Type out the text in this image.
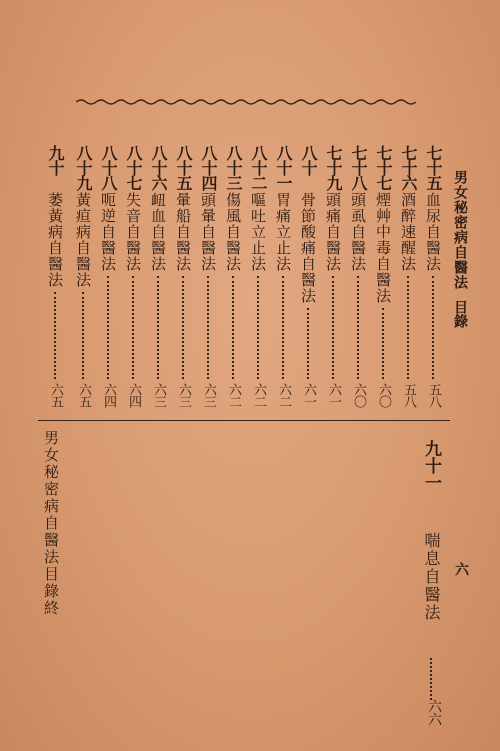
男女秘密病自醫法
目錄
六
七十五
血尿自醫法
五八
七十六
酒醉速醒法
五八
七十七
煙艸中毒自醫法
六〇
七十八
頭虱自醫法
六〇
七十九
頭痛自醫法
六一
八十
骨節酸痛自醫法
六一
八十一
胃痛立止法
六二
八十二
嘔吐立止法
六二
八十三
傷風自醫法
六二
八十四
頭暈自醫法
六三
八十五
暈船自醫法
六三
八十六
衄血自醫法
六三
八十七
失音自醫法
六四
八十八
呃逆自醫法
六四
八十九
黃疸病自醫法
六五
九十
萎黃病自醫法
六五
九十一
喘息自醫法
六六
男女秘密病自醫法目錄終
